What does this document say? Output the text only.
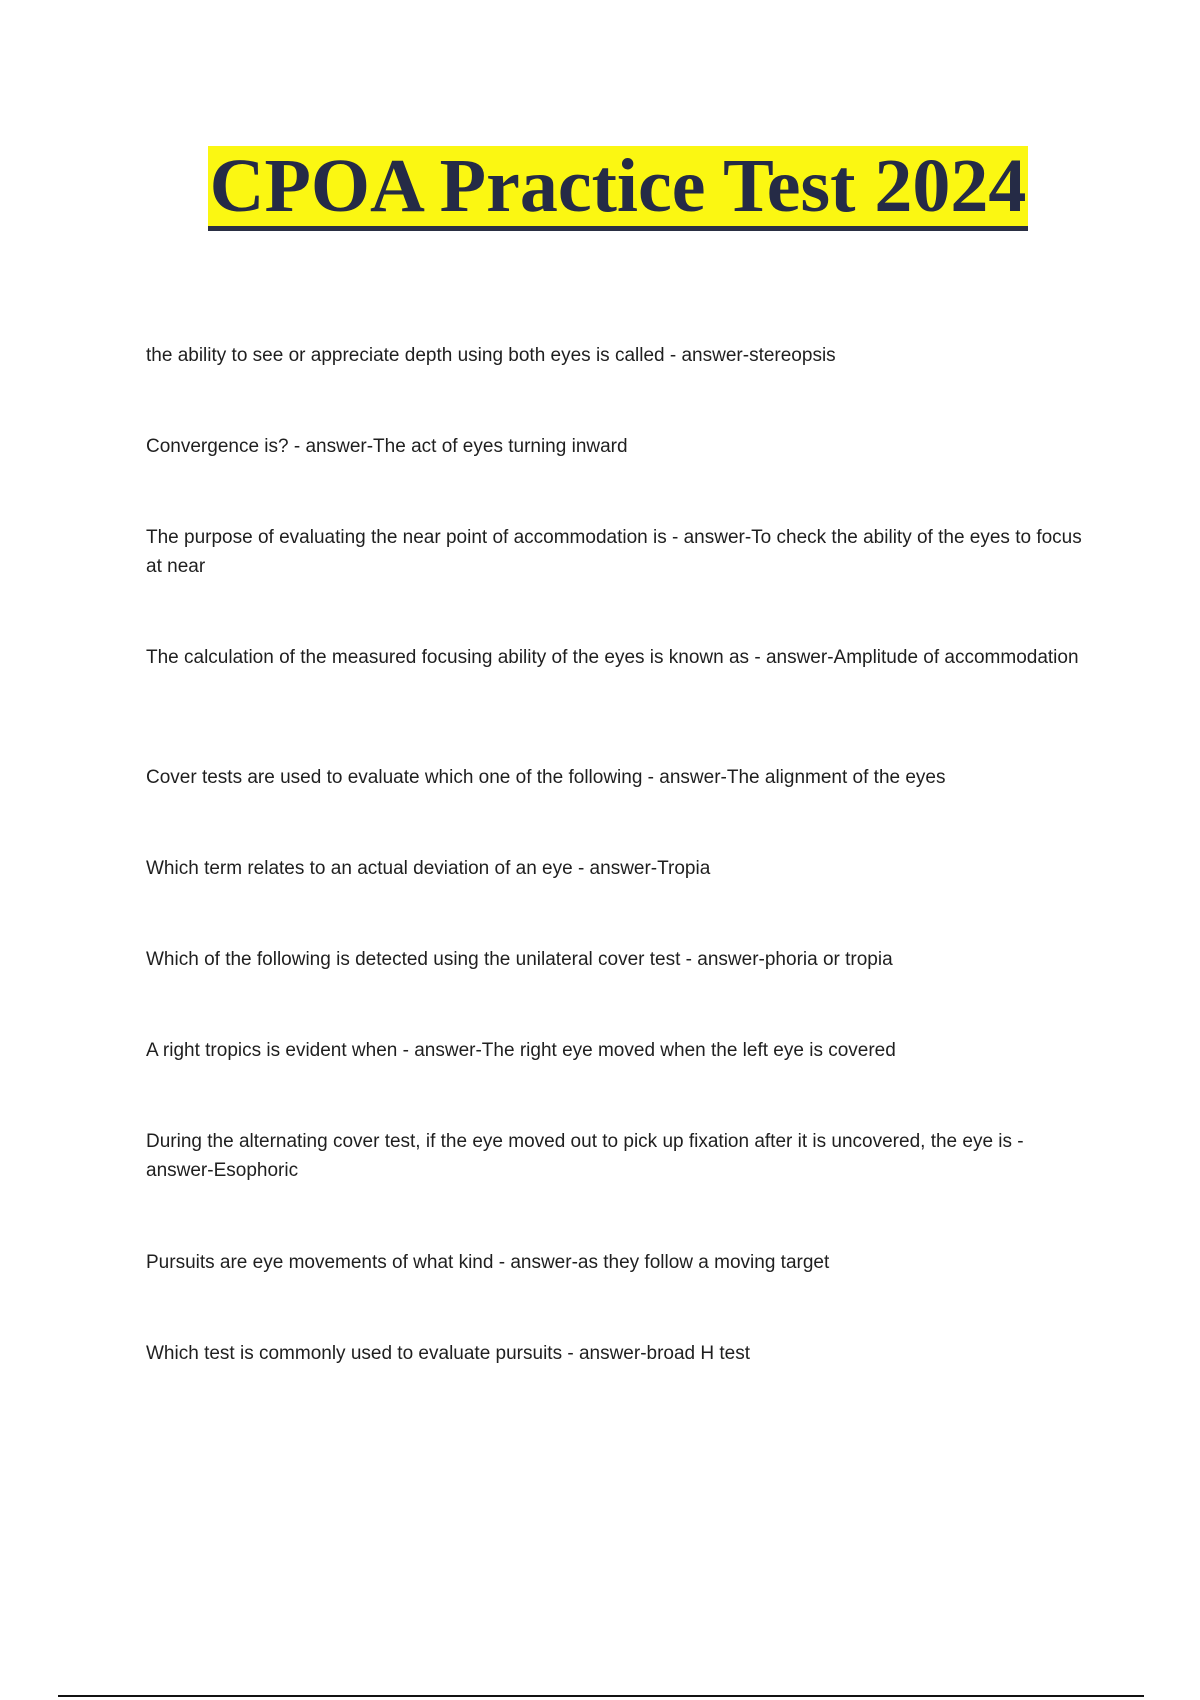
CPOA Practice Test 2024
the ability to see or appreciate depth using both eyes is called - answer-stereopsis
Convergence is? - answer-The act of eyes turning inward
The purpose of evaluating the near point of accommodation is - answer-To check the ability of the eyes to focus at near
The calculation of the measured focusing ability of the eyes is known as - answer-Amplitude of accommodation
Cover tests are used to evaluate which one of the following - answer-The alignment of the eyes
Which term relates to an actual deviation of an eye - answer-Tropia
Which of the following is detected using the unilateral cover test - answer-phoria or tropia
A right tropics is evident when - answer-The right eye moved when the left eye is covered
During the alternating cover test, if the eye moved out to pick up fixation after it is uncovered, the eye is - answer-Esophoric
Pursuits are eye movements of what kind - answer-as they follow a moving target
Which test is commonly used to evaluate pursuits - answer-broad H test
